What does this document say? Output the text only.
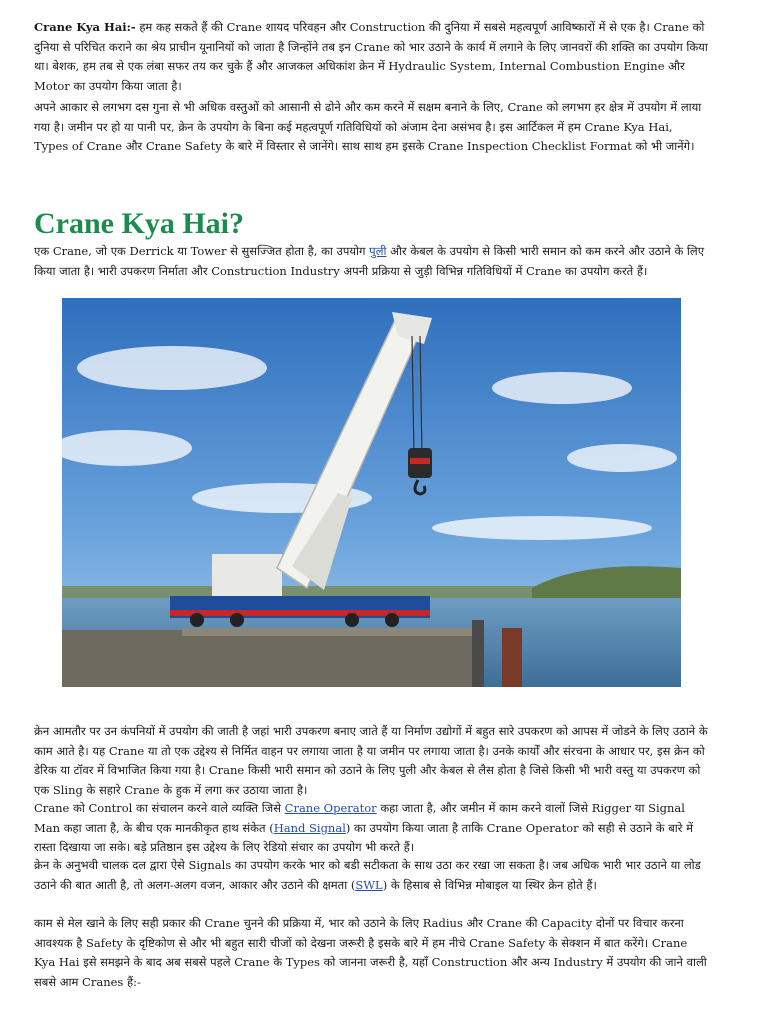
Crane Kya Hai:- हम कह सकते हैं की Crane शायद परिवहन और Construction की दुनिया में सबसे महत्वपूर्ण आविष्कारों में से एक है। Crane को दुनिया से परिचित कराने का श्रेय प्राचीन यूनानियों को जाता है जिन्होंने तब इन Crane को भार उठाने के कार्य में लगाने के लिए जानवरों की शक्ति का उपयोग किया था। बेशक, हम तब से एक लंबा सफर तय कर चुके हैं और आजकल अधिकांश क्रेन में Hydraulic System, Internal Combustion Engine और Motor का उपयोग किया जाता है।
अपने आकार से लगभग दस गुना से भी अधिक वस्तुओं को आसानी से ढोने और कम करने में सक्षम बनाने के लिए, Crane को लगभग हर क्षेत्र में उपयोग में लाया गया है। जमीन पर हो या पानी पर, क्रेन के उपयोग के बिना कई महत्वपूर्ण गतिविधियों को अंजाम देना असंभव है। इस आर्टिकल में हम Crane Kya Hai, Types of Crane और Crane Safety के बारे में विस्तार से जानेंगे। साथ साथ हम इसके Crane Inspection Checklist Format को भी जानेंगे।
Crane Kya Hai?
एक Crane, जो एक Derrick या Tower से सुसज्जित होता है, का उपयोग पुली और केबल के उपयोग से किसी भारी समान को कम करने और उठाने के लिए किया जाता है। भारी उपकरण निर्माता और Construction Industry अपनी प्रक्रिया से जुड़ी विभिन्न गतिविधियों में Crane का उपयोग करते हैं।
क्रेन आमतौर पर उन कंपनियों में उपयोग की जाती है जहां भारी उपकरण बनाए जाते हैं या निर्माण उद्योगों में बहुत सारे उपकरण को आपस में जोडने के लिए उठाने के काम आते है। यह Crane या तो एक उद्देश्य से निर्मित वाहन पर लगाया जाता है या जमीन पर लगाया जाता है। उनके कार्यों और संरचना के आधार पर, इस क्रेन को डेरिक या टॉवर में विभाजित किया गया है। Crane किसी भारी समान को उठाने के लिए पुली और केबल से लैस होता है जिसे किसी भी भारी वस्तु या उपकरण को एक Sling के सहारे Crane के हुक में लगा कर उठाया जाता है।
Crane को Control का संचालन करने वाले व्यक्ति जिसे Crane Operator कहा जाता है, और जमीन में काम करने वालों जिसे Rigger या Signal Man कहा जाता है, के बीच एक मानकीकृत हाथ संकेत (Hand Signal) का उपयोग किया जाता है ताकि Crane Operator को सही से उठाने के बारे में रास्ता दिखाया जा सके। बड़े प्रतिष्ठान इस उद्देश्य के लिए रेडियो संचार का उपयोग भी करते हैं।
क्रेन के अनुभवी चालक दल द्वारा ऐसे Signals का उपयोग करके भार को बडी सटीकता के साथ उठा कर रखा जा सकता है। जब अधिक भारी भार उठाने या लोड उठाने की बात आती है, तो अलग-अलग वजन, आकार और उठाने की क्षमता (SWL) के हिसाब से विभिन्न मोबाइल या स्थिर क्रेन होते हैं।
काम से मेल खाने के लिए सही प्रकार की Crane चुनने की प्रक्रिया में, भार को उठाने के लिए Radius और Crane की Capacity दोनों पर विचार करना आवश्यक है Safety के दृष्टिकोण से और भी बहुत सारी चीजों को देखना जरूरी है इसके बारे में हम नीचे Crane Safety के सेक्शन में बात करेंगे। Crane Kya Hai इसे समझने के बाद अब सबसे पहले Crane के Types को जानना जरूरी है, यहाँ Construction और अन्य Industry में उपयोग की जाने वाली सबसे आम Cranes हैं:-
